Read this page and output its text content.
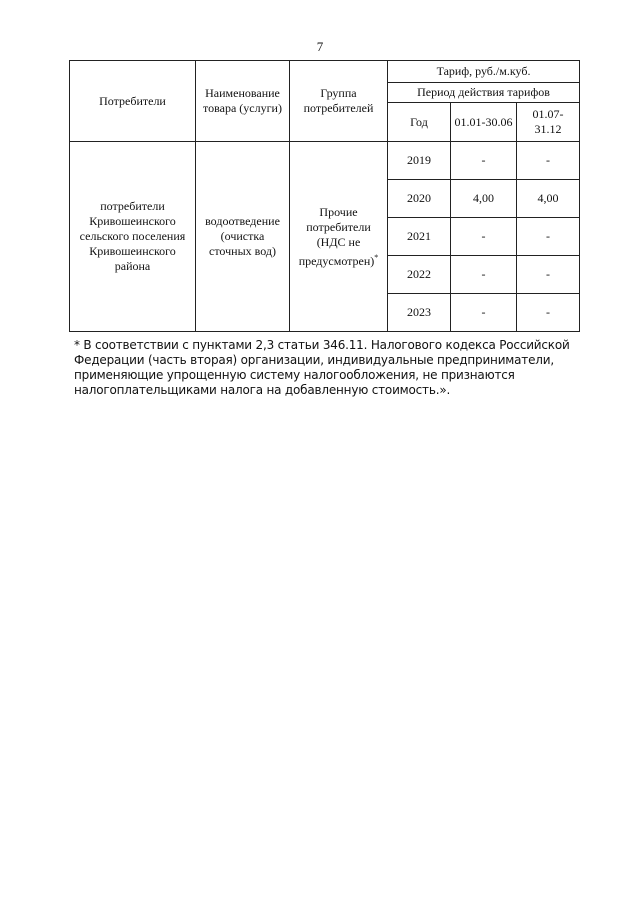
7
Потребители	Наименование товара (услуги)	Группа потребителей	Тариф, руб./м.куб.		
			Период действия тарифов		
			Год	01.01-30.06	01.07-31.12
потребители Кривошеинского сельского поселения Кривошеинского района	водоотведение (очистка сточных вод)	Прочие потребители (НДС не предусмотрен)*	2019	-	-
			2020	4,00	4,00
			2021	-	-
			2022	-	-
			2023	-	-

* В соответствии с пунктами 2,3 статьи 346.11. Налогового кодекса Российской

Федерации (часть вторая) организации, индивидуальные предприниматели,

применяющие упрощенную систему налогообложения, не признаются

налогоплательщиками налога на добавленную стоимость.».
